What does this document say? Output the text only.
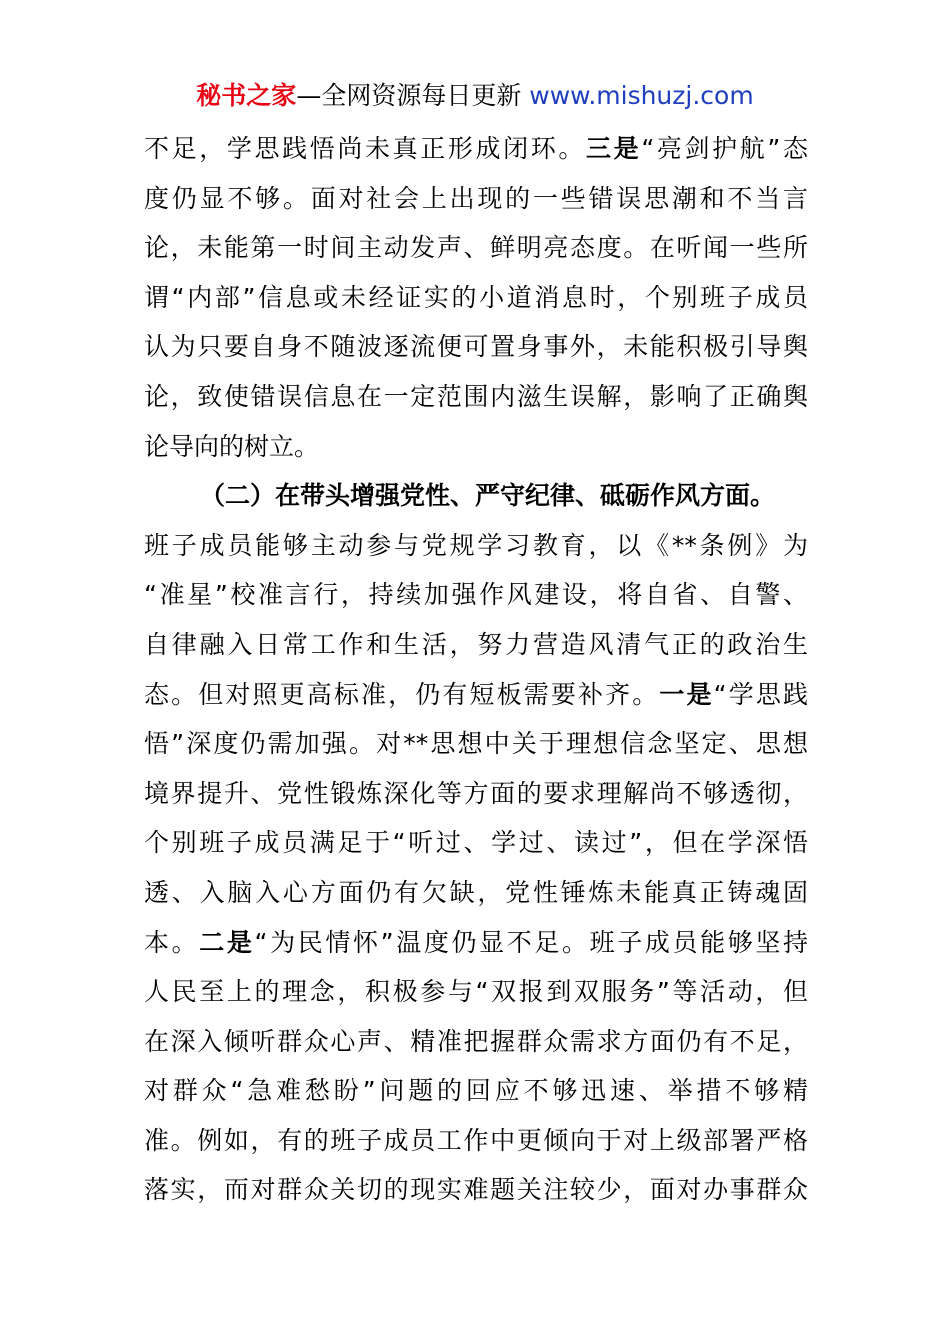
秘书之家—全网资源每日更新 www.mishuzj.com
不足，学思践悟尚未真正形成闭环。三是“亮剑护航”态
度仍显不够。面对社会上出现的一些错误思潮和不当言
论，未能第一时间主动发声、鲜明亮态度。在听闻一些所
谓“内部”信息或未经证实的小道消息时，个别班子成员
认为只要自身不随波逐流便可置身事外，未能积极引导舆
论，致使错误信息在一定范围内滋生误解，影响了正确舆
论导向的树立。
（二）在带头增强党性、严守纪律、砥砺作风方面。
班子成员能够主动参与党规学习教育，以《**条例》为
“准星”校准言行，持续加强作风建设，将自省、自警、
自律融入日常工作和生活，努力营造风清气正的政治生
态。但对照更高标准，仍有短板需要补齐。一是“学思践
悟”深度仍需加强。对**思想中关于理想信念坚定、思想
境界提升、党性锻炼深化等方面的要求理解尚不够透彻，
个别班子成员满足于“听过、学过、读过”，但在学深悟
透、入脑入心方面仍有欠缺，党性锤炼未能真正铸魂固
本。二是“为民情怀”温度仍显不足。班子成员能够坚持
人民至上的理念，积极参与“双报到双服务”等活动，但
在深入倾听群众心声、精准把握群众需求方面仍有不足，
对群众“急难愁盼”问题的回应不够迅速、举措不够精
准。例如，有的班子成员工作中更倾向于对上级部署严格
落实，而对群众关切的现实难题关注较少，面对办事群众
